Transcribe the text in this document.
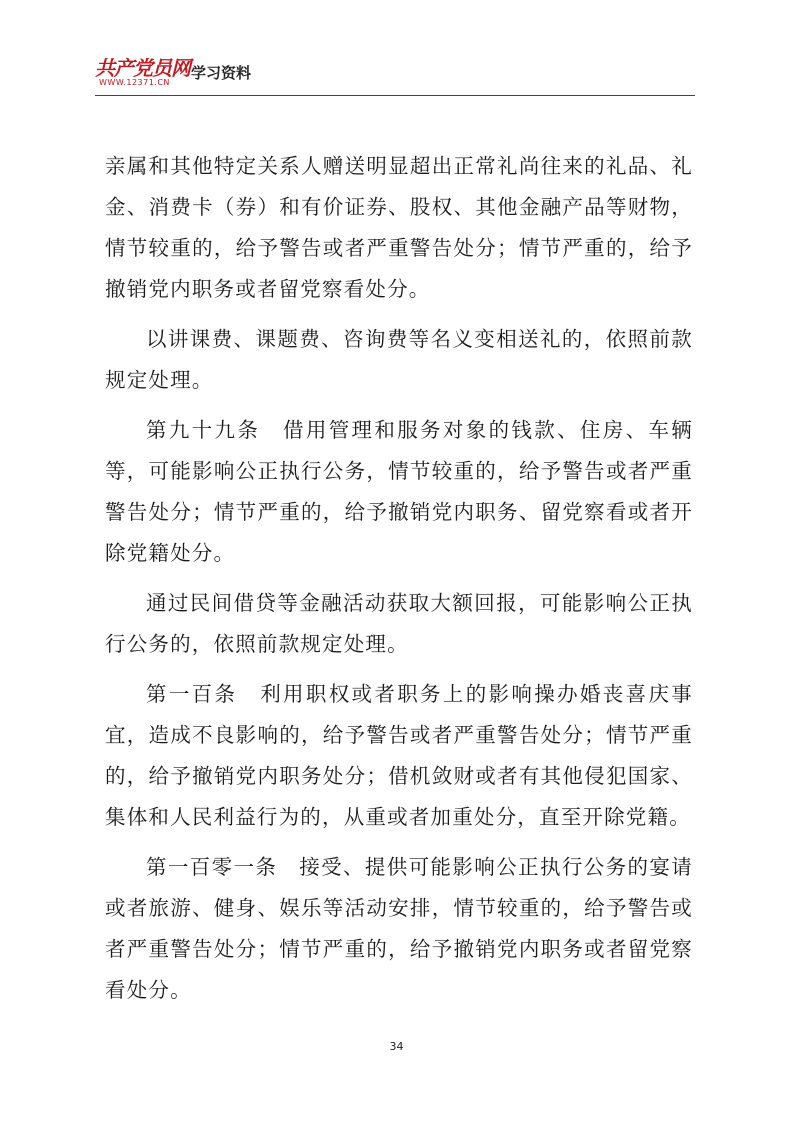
共产党员网
WWW.12371.CN
学习资料

亲属和其他特定关系人赠送明显超出正常礼尚往来的礼品、礼金、消费卡（券）和有价证券、股权、其他金融产品等财物，情节较重的，给予警告或者严重警告处分；情节严重的，给予撤销党内职务或者留党察看处分。

以讲课费、课题费、咨询费等名义变相送礼的，依照前款规定处理。

第九十九条　借用管理和服务对象的钱款、住房、车辆等，可能影响公正执行公务，情节较重的，给予警告或者严重警告处分；情节严重的，给予撤销党内职务、留党察看或者开除党籍处分。

通过民间借贷等金融活动获取大额回报，可能影响公正执行公务的，依照前款规定处理。

第一百条　利用职权或者职务上的影响操办婚丧喜庆事宜，造成不良影响的，给予警告或者严重警告处分；情节严重的，给予撤销党内职务处分；借机敛财或者有其他侵犯国家、集体和人民利益行为的，从重或者加重处分，直至开除党籍。

第一百零一条　接受、提供可能影响公正执行公务的宴请或者旅游、健身、娱乐等活动安排，情节较重的，给予警告或者严重警告处分；情节严重的，给予撤销党内职务或者留党察看处分。

34
